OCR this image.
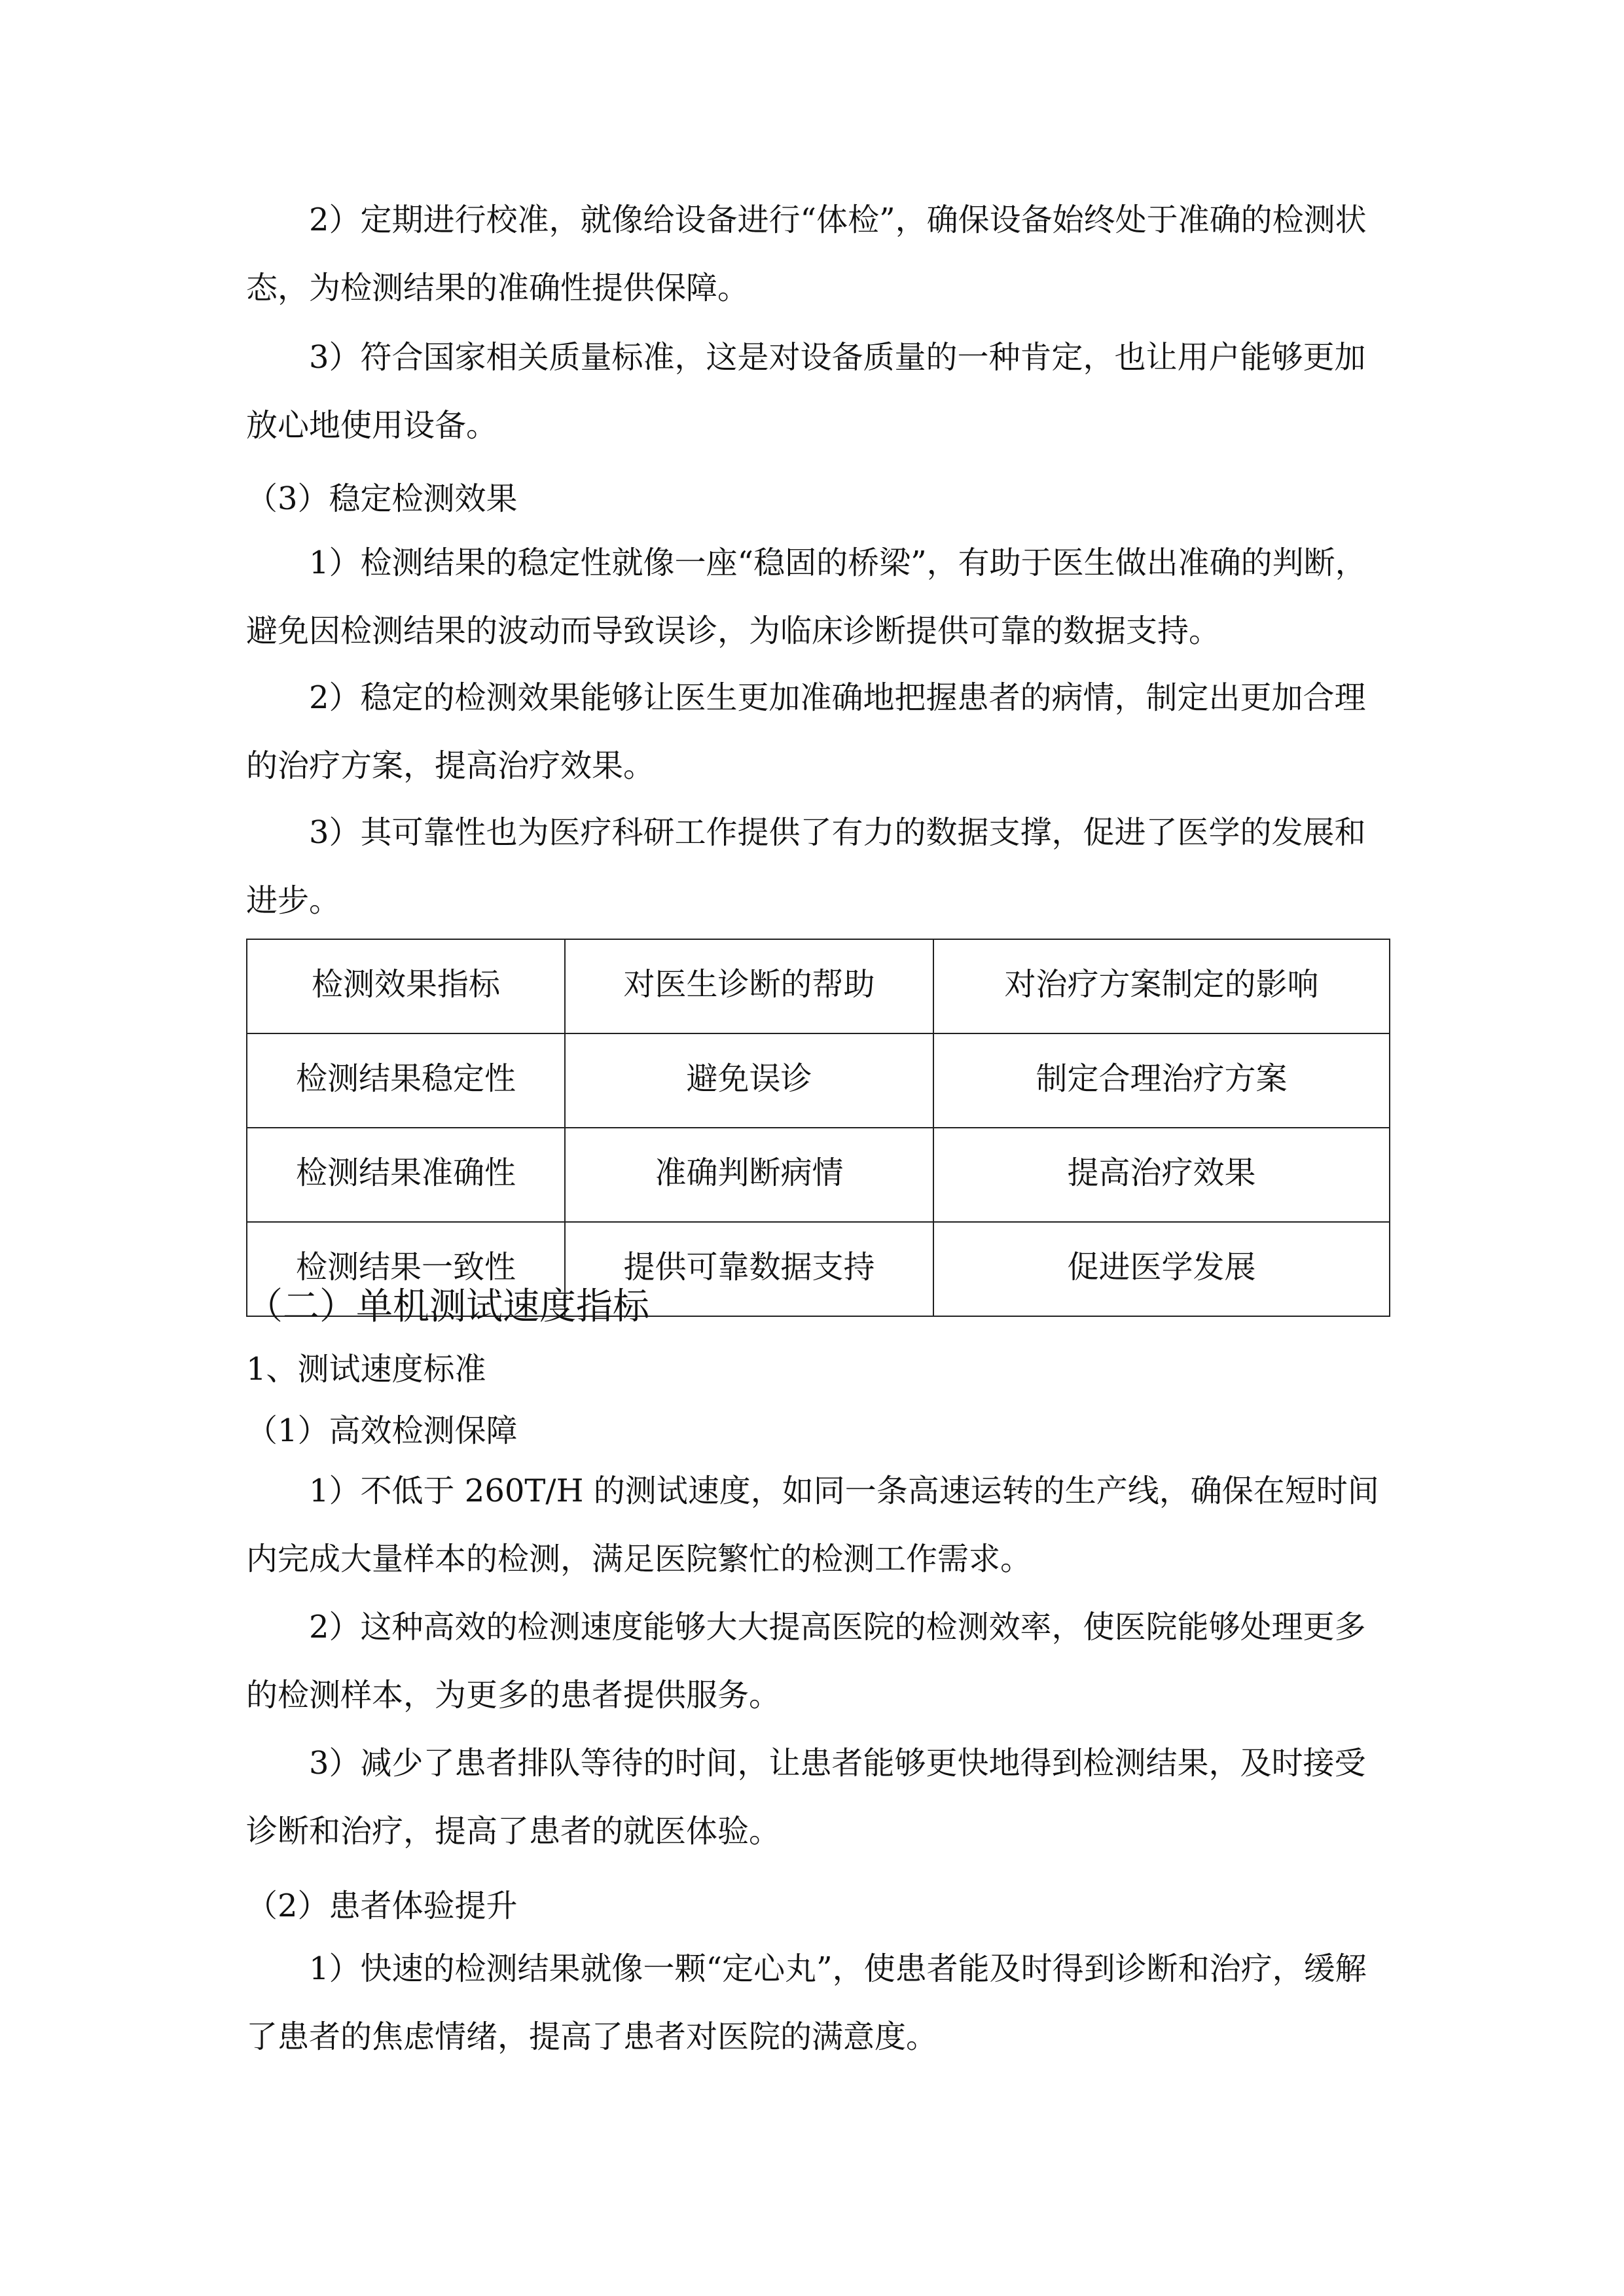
2）定期进行校准，就像给设备进行“体检”，确保设备始终处于准确的检测状态，为检测结果的准确性提供保障。

3）符合国家相关质量标准，这是对设备质量的一种肯定，也让用户能够更加放心地使用设备。

（3）稳定检测效果

1）检测结果的稳定性就像一座“稳固的桥梁”，有助于医生做出准确的判断，避免因检测结果的波动而导致误诊，为临床诊断提供可靠的数据支持。

2）稳定的检测效果能够让医生更加准确地把握患者的病情，制定出更加合理的治疗方案，提高治疗效果。

3）其可靠性也为医疗科研工作提供了有力的数据支撑，促进了医学的发展和进步。

检测效果指标	对医生诊断的帮助	对治疗方案制定的影响
检测结果稳定性	避免误诊	制定合理治疗方案
检测结果准确性	准确判断病情	提高治疗效果
检测结果一致性	提供可靠数据支持	促进医学发展

（二）单机测试速度指标

1、测试速度标准

（1）高效检测保障

1）不低于 260T/H 的测试速度，如同一条高速运转的生产线，确保在短时间内完成大量样本的检测，满足医院繁忙的检测工作需求。

2）这种高效的检测速度能够大大提高医院的检测效率，使医院能够处理更多的检测样本，为更多的患者提供服务。

3）减少了患者排队等待的时间，让患者能够更快地得到检测结果，及时接受诊断和治疗，提高了患者的就医体验。

（2）患者体验提升

1）快速的检测结果就像一颗“定心丸”，使患者能及时得到诊断和治疗，缓解了患者的焦虑情绪，提高了患者对医院的满意度。
